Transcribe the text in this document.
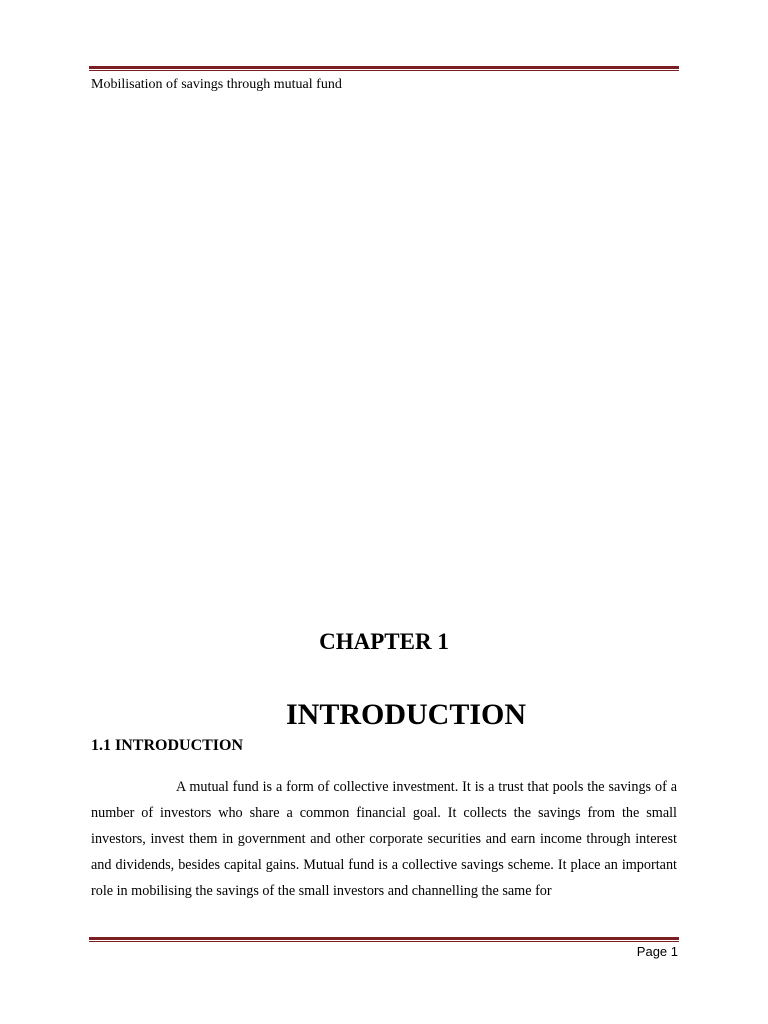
Mobilisation of savings through mutual fund
CHAPTER 1
INTRODUCTION
1.1 INTRODUCTION

A mutual fund is a form of collective investment. It is a trust that pools the savings of a number of investors who share a common financial goal. It collects the savings from the small investors, invest them in government and other corporate securities and earn income through interest and dividends, besides capital gains. Mutual fund is a collective savings scheme. It place an important role in mobilising the savings of the small investors and channelling the same for

Page 1
